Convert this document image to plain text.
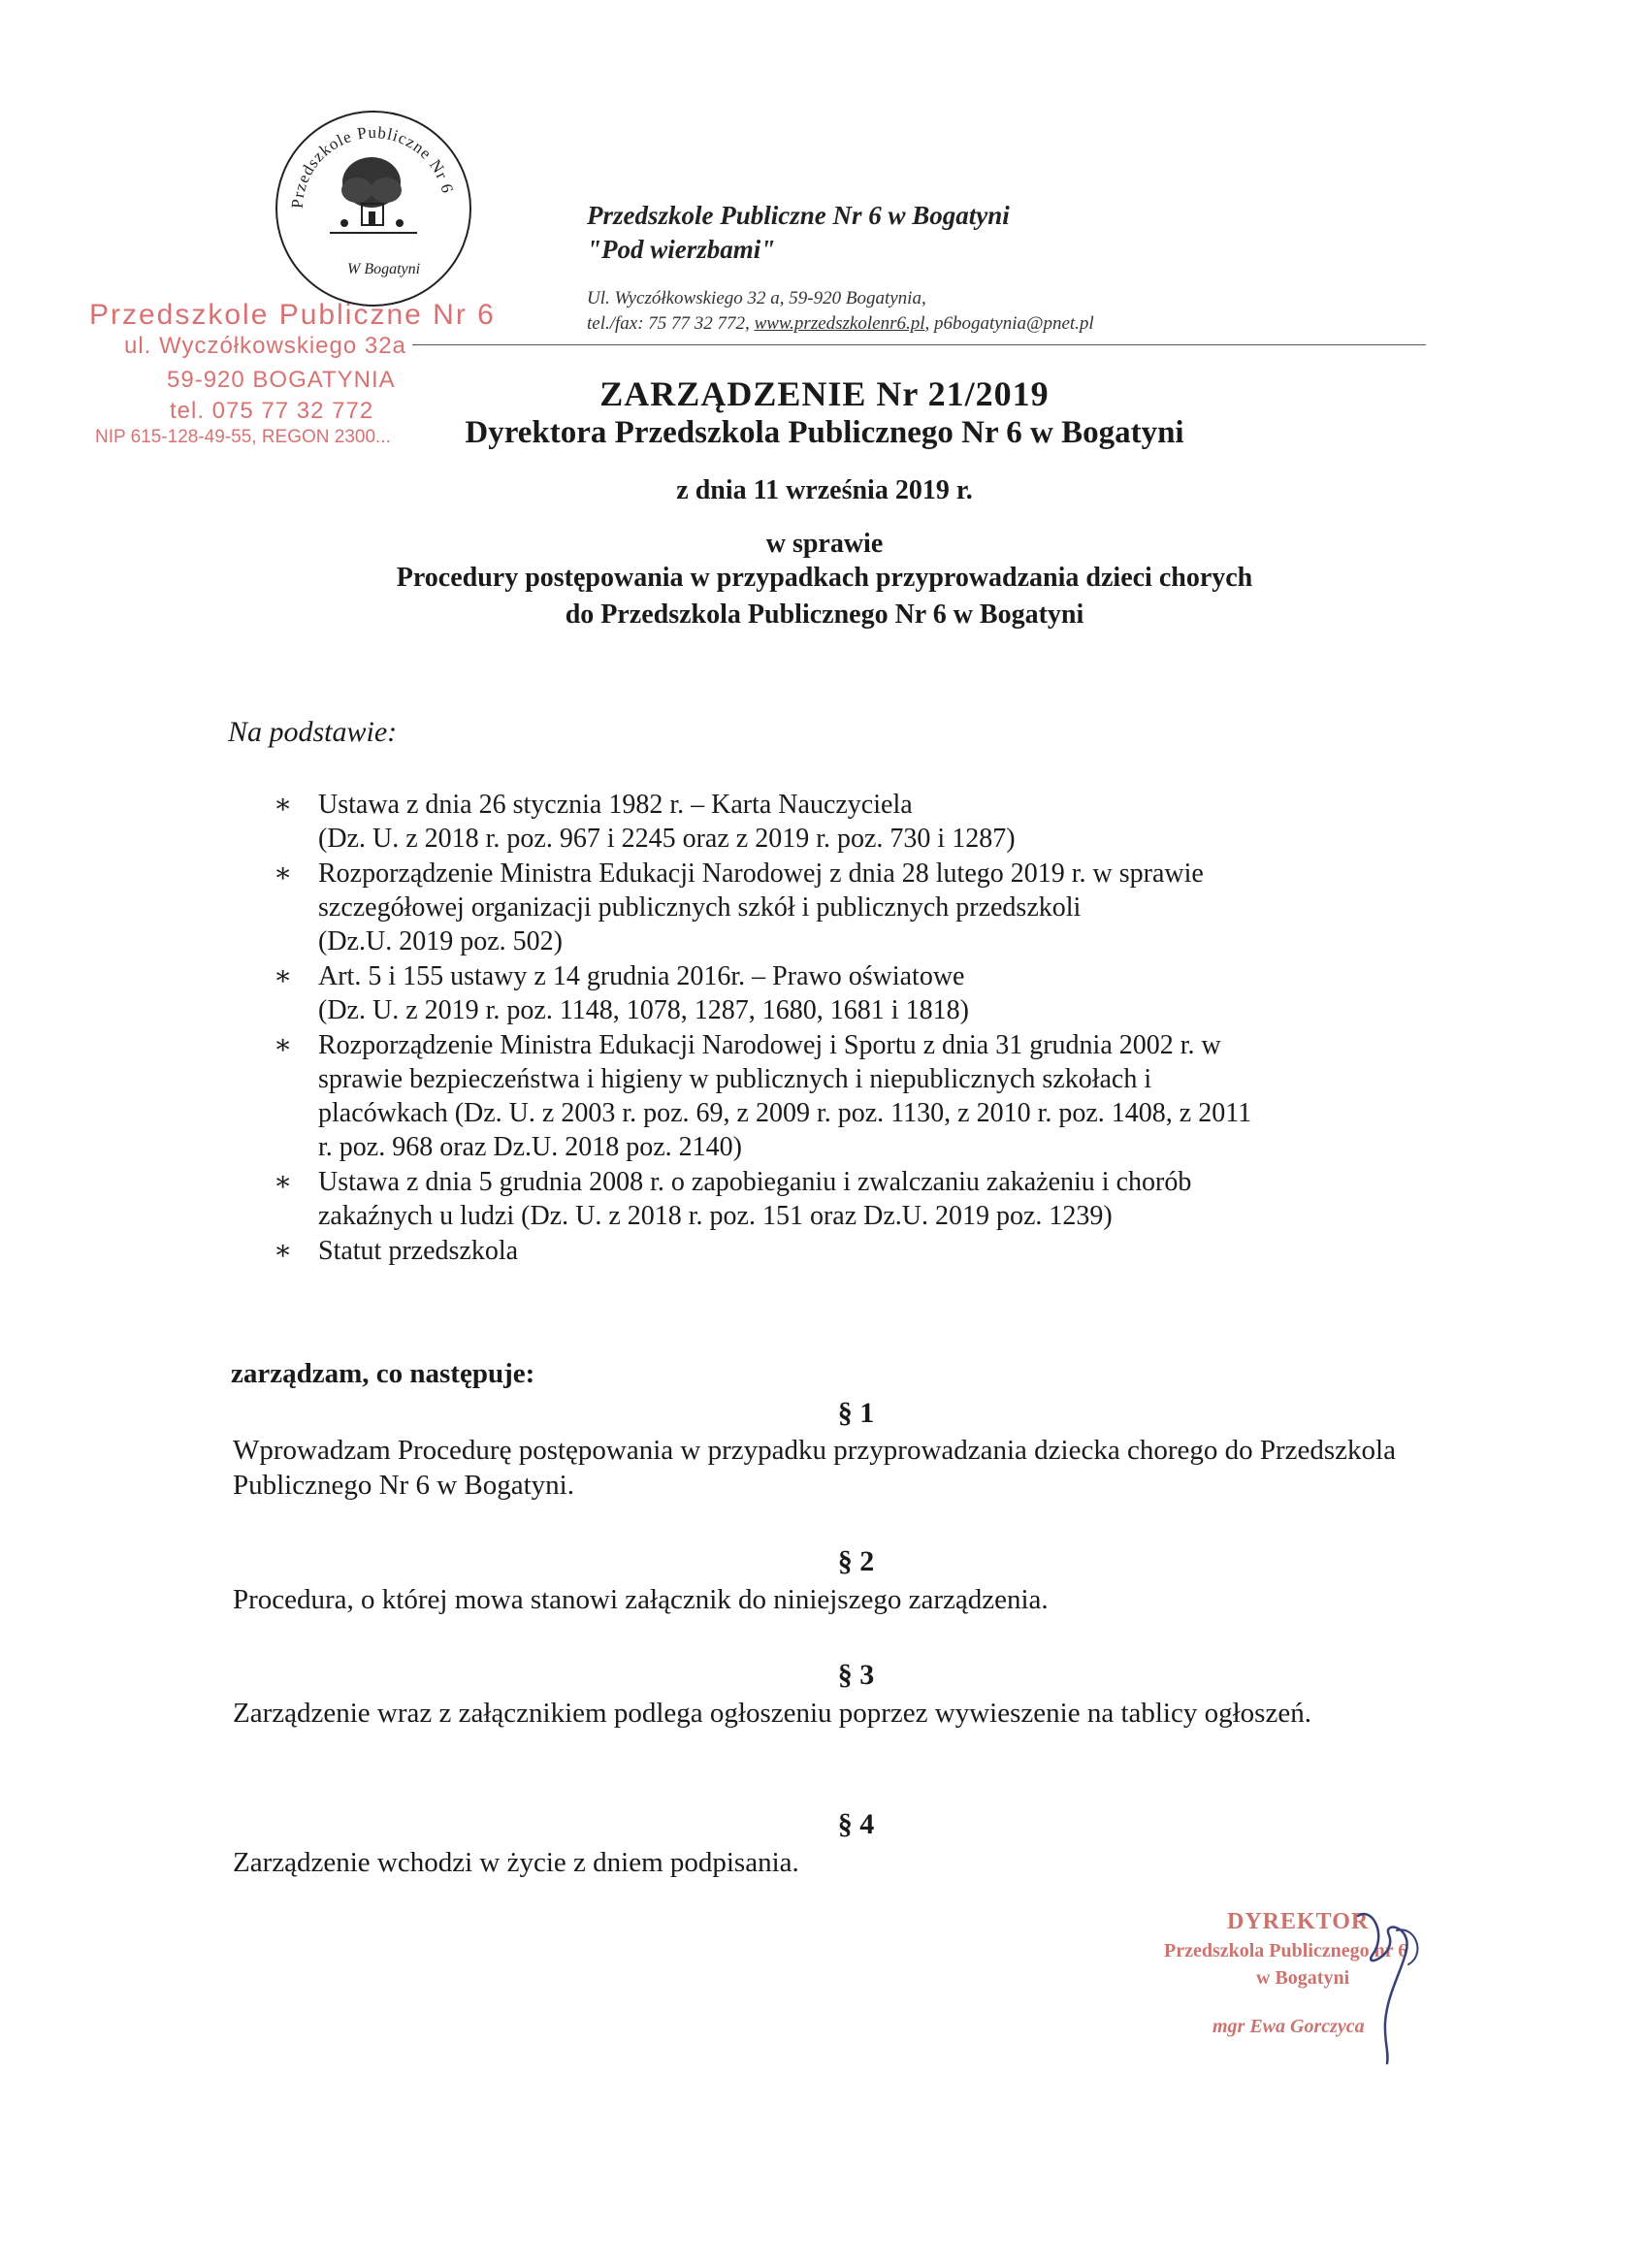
Przedszkole Publiczne Nr 6
W Bogatyni
Przedszkole Publiczne Nr 6 w Bogatyni
"Pod wierzbami"
Ul. Wyczółkowskiego 32 a, 59-920 Bogatynia,
tel./fax: 75 77 32 772, www.przedszkolenr6.pl, p6bogatynia@pnet.pl
Przedszkole Publiczne Nr 6
ul. Wyczółkowskiego 32a
59-920 BOGATYNIA
tel. 075 77 32 772
NIP 615-128-49-55, REGON 2300...
ZARZĄDZENIE Nr 21/2019
Dyrektora Przedszkola Publicznego Nr 6 w Bogatyni
z dnia 11 września 2019 r.
w sprawie
Procedury postępowania w przypadkach przyprowadzania dzieci chorych
do Przedszkola Publicznego Nr 6 w Bogatyni
Na podstawie:
∗ Ustawa z dnia 26 stycznia 1982 r. – Karta Nauczyciela
(Dz. U. z 2018 r. poz. 967 i 2245 oraz z 2019 r. poz. 730 i 1287)
∗ Rozporządzenie Ministra Edukacji Narodowej z dnia 28 lutego 2019 r. w sprawie
szczegółowej organizacji publicznych szkół i publicznych przedszkoli
(Dz.U. 2019 poz. 502)
∗ Art. 5 i 155 ustawy z 14 grudnia 2016r. – Prawo oświatowe
(Dz. U. z 2019 r. poz. 1148, 1078, 1287, 1680, 1681 i 1818)
∗ Rozporządzenie Ministra Edukacji Narodowej i Sportu z dnia 31 grudnia 2002 r. w
sprawie bezpieczeństwa i higieny w publicznych i niepublicznych szkołach i
placówkach (Dz. U. z 2003 r. poz. 69, z 2009 r. poz. 1130, z 2010 r. poz. 1408, z 2011
r. poz. 968 oraz Dz.U. 2018 poz. 2140)
∗ Ustawa z dnia 5 grudnia 2008 r. o zapobieganiu i zwalczaniu zakażeniu i chorób
zakaźnych u ludzi (Dz. U. z 2018 r. poz. 151 oraz Dz.U. 2019 poz. 1239)
∗ Statut przedszkola
zarządzam, co następuje:
§ 1
Wprowadzam Procedurę postępowania w przypadku przyprowadzania dziecka chorego do Przedszkola Publicznego Nr 6 w Bogatyni.
§ 2
Procedura, o której mowa stanowi załącznik do niniejszego zarządzenia.
§ 3
Zarządzenie wraz z załącznikiem podlega ogłoszeniu poprzez wywieszenie na tablicy ogłoszeń.
§ 4
Zarządzenie wchodzi w życie z dniem podpisania.
DYREKTOR
Przedszkola Publicznego nr 6
w Bogatyni
mgr Ewa Gorczyca
